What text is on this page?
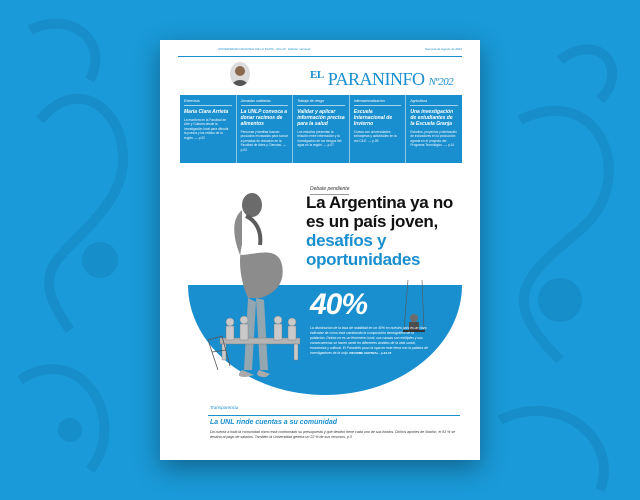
UNIVERSIDAD NACIONAL DE LA PLATA · Año 20 · Edición mensual	Semana de Agosto de 2022
$^{EL}$ PARANINFO Nº202
Entrevista
Maria Clara Arrieta
La escritora en la Facultad de Arte y Guitarra desde la investigación local para difundir la poesía y los relatos de la región. — p.02
Jornadas solidarias
La UNLP convoca a donar racimos de alimentos
Personas y familias buscan productos envasados para sumar a jornadas de donación en la Facultad de Artes y Ciencias. — p.03
Trabajo de riesgo
Validar y aplicar información precisa para la salud
Los estudios presentan la relación entre información y la investigación de los riesgos del agua en la región. — p.07
Internacionalización
Escuela Internacional de Invierno
Cursos con universidades extranjeras y actividades en la red CILE. — p.09
Agricultura
Una investigación de estudiantes de la Escuela Granja
Estudios, proyectos y fabricación de indicadores en la producción agraria en el proyecto del Programa Tecnológico. — p.14
Debate pendiente
La Argentina ya no es un país joven, desafíos y oportunidades
40%
La disminución de la tasa de natalidad en un 40% en nuestro país es un claro indicador de cómo está cambiando la composición demográfica de la población. Detrás no es un fenómeno local, sus causas son múltiples y sus consecuencias se hacen sentir en diferentes ámbitos de la vida social, económica y cultural. El Paraninfo puso la lupa en este tema con la palabra de investigadores de la unlp. INFORME CENTRAL · p.04-15
Transparencia
La UNL rinde cuentas a su comunidad
Da cuenta a toda la comunidad cómo está conformado su presupuesto y qué destino tiene cada uno de sus fondos. Dichos aportes de Nación, el 93 % se destina al pago de salarios. También la Universidad genera un 22 % de sus recursos. p.3
